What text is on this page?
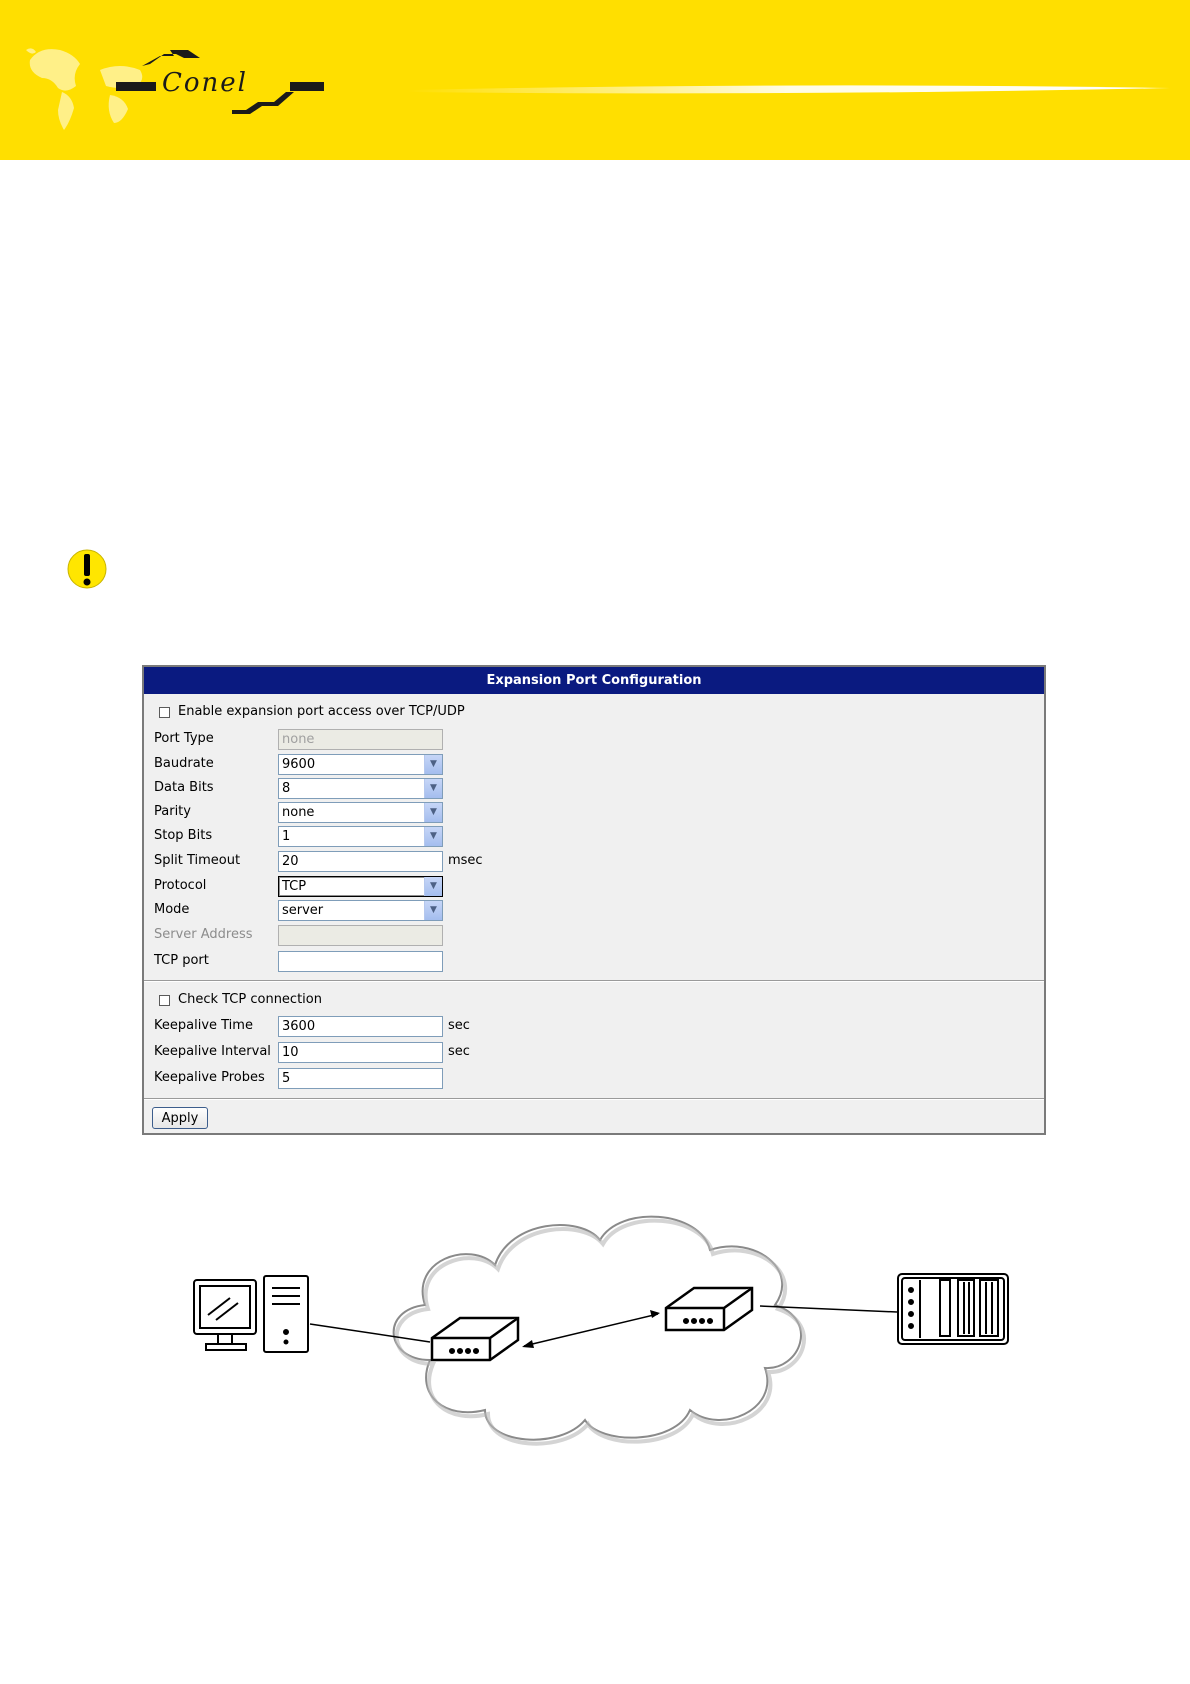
Conel
Expansion Port Configuration
Enable expansion port access over TCP/UDP
Port Type	none
Baudrate	9600	▼
Data Bits	8	▼
Parity	none	▼
Stop Bits	1	▼
Split Timeout	20	msec
Protocol	TCP	▼
Mode	server	▼
Server Address
TCP port
Check TCP connection
Keepalive Time	3600	sec
Keepalive Interval 10	sec
Keepalive Probes	5
Apply
